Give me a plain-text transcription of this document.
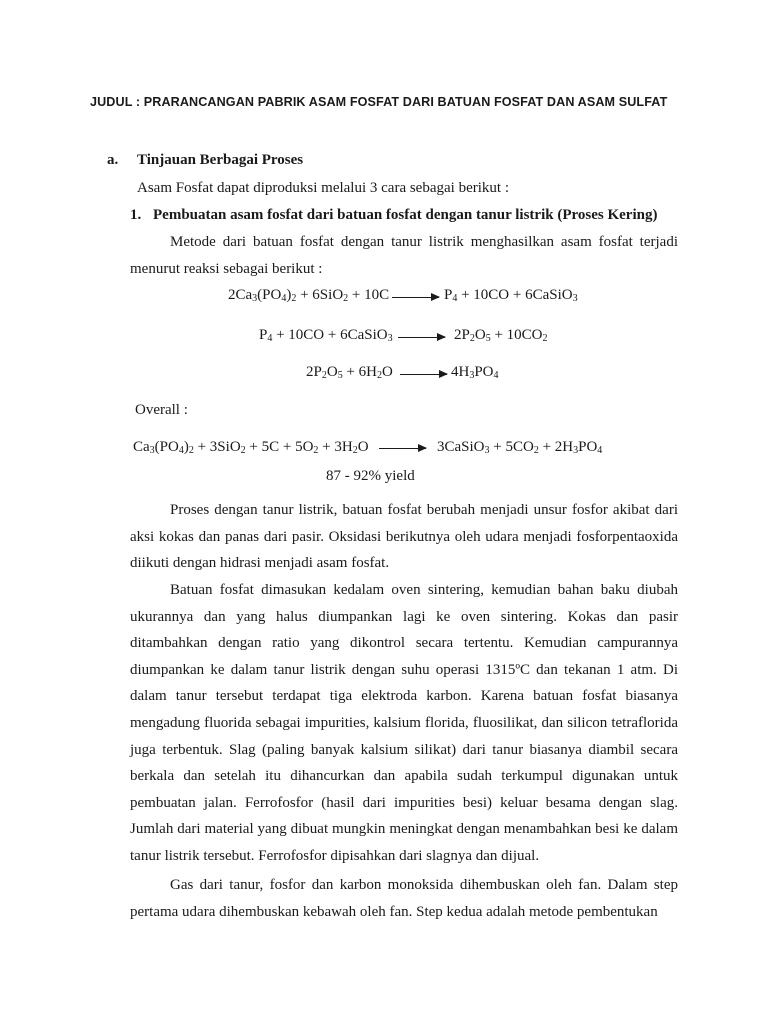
JUDUL : PRARANCANGAN PABRIK ASAM FOSFAT DARI BATUAN FOSFAT DAN ASAM SULFAT
a. Tinjauan Berbagai Proses
Asam Fosfat dapat diproduksi melalui 3 cara sebagai berikut :
1. Pembuatan asam fosfat dari batuan fosfat dengan tanur listrik (Proses Kering)
Metode dari batuan fosfat dengan tanur listrik menghasilkan asam fosfat terjadi menurut reaksi sebagai berikut :
$2Ca_3(PO_4)_2 + 6SiO_2 + 10C \to P_4 + 10CO$ + 6CaSiO$_3$
$P_4 + 10CO$ + 6CaSiO$_3$ → $2P_2O_5 + 10CO_2$
$2P_2O_5 + 6H_2O \to 4H_3PO_4$
Overall :
$Ca_3(PO_4)_2 + 3SiO_2 + 5C + 5O_2 + 3H_2O$ → 3CaSiO$_3$ + $5CO_2 + 2H_3PO_4$
87 - 92% yield
Proses dengan tanur listrik, batuan fosfat berubah menjadi unsur fosfor akibat dari aksi kokas dan panas dari pasir. Oksidasi berikutnya oleh udara menjadi fosforpentaoxida diikuti dengan hidrasi menjadi asam fosfat.
Batuan fosfat dimasukan kedalam oven sintering, kemudian bahan baku diubah ukurannya dan yang halus diumpankan lagi ke oven sintering. Kokas dan pasir ditambahkan dengan ratio yang dikontrol secara tertentu. Kemudian campurannya diumpankan ke dalam tanur listrik dengan suhu operasi 1315ºC dan tekanan 1 atm. Di dalam tanur tersebut terdapat tiga elektroda karbon. Karena batuan fosfat biasanya mengadung fluorida sebagai impurities, kalsium florida, fluosilikat, dan silicon tetraflorida juga terbentuk. Slag (paling banyak kalsium silikat) dari tanur biasanya diambil secara berkala dan setelah itu dihancurkan dan apabila sudah terkumpul digunakan untuk pembuatan jalan. Ferrofosfor (hasil dari impurities besi) keluar besama dengan slag. Jumlah dari material yang dibuat mungkin meningkat dengan menambahkan besi ke dalam tanur listrik tersebut. Ferrofosfor dipisahkan dari slagnya dan dijual.
Gas dari tanur, fosfor dan karbon monoksida dihembuskan oleh fan. Dalam step pertama udara dihembuskan kebawah oleh fan. Step kedua adalah metode pembentukan
